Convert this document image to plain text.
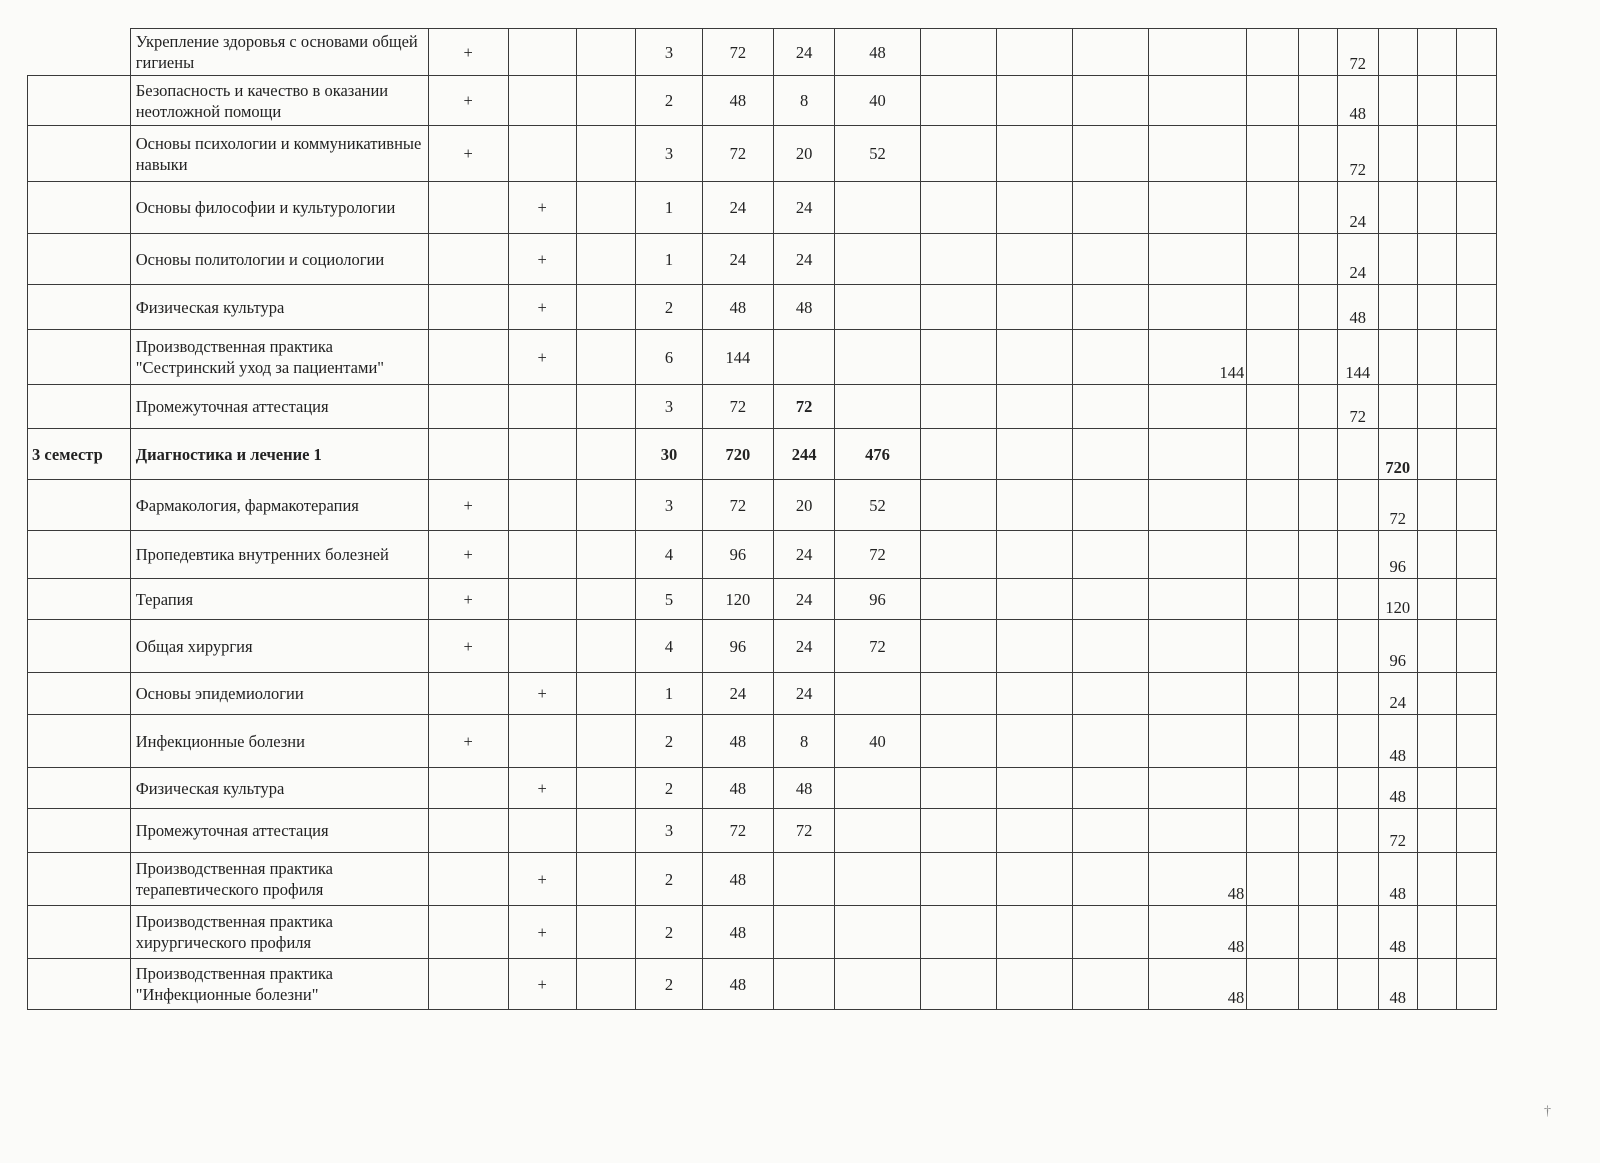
	Укрепление здоровья с основами общей гигиены	+			3	72	24	48							72			
	Безопасность и качество в оказании неотложной помощи	+			2	48	8	40							48			
	Основы психологии и коммуникативные навыки	+			3	72	20	52							72			
	Основы философии и культурологии		+		1	24	24								24			
	Основы политологии и социологии		+		1	24	24								24			
	Физическая культура		+		2	48	48								48			
	Производственная практика "Сестринский уход за пациентами"		+		6	144						144			144			
	Промежуточная аттестация				3	72	72								72			
3 семестр	Диагностика и лечение 1				30	720	244	476								720		
	Фармакология, фармакотерапия	+			3	72	20	52								72		
	Пропедевтика внутренних болезней	+			4	96	24	72								96		
	Терапия	+			5	120	24	96								120		
	Общая хирургия	+			4	96	24	72								96		
	Основы эпидемиологии		+		1	24	24									24		
	Инфекционные болезни	+			2	48	8	40								48		
	Физическая культура		+		2	48	48									48		
	Промежуточная аттестация				3	72	72									72		
	Производственная практика терапевтического профиля		+		2	48						48				48		
	Производственная практика хирургического профиля		+		2	48						48				48		
	Производственная практика "Инфекционные болезни"		+		2	48						48				48		
†
